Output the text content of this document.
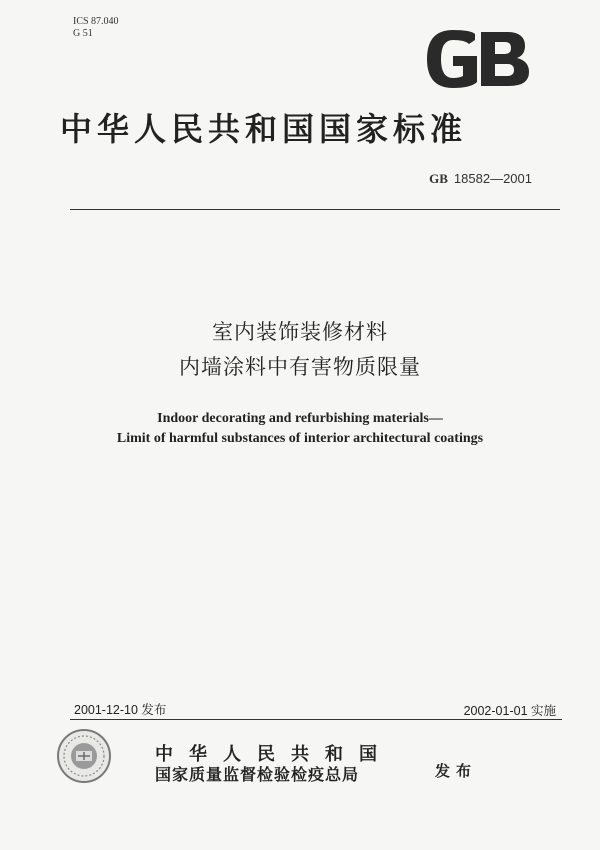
ICS 87.040
G 51
中华人民共和国国家标准
GB 18582—2001
室内装饰装修材料
内墙涂料中有害物质限量
Indoor decorating and refurbishing materials—
Limit of harmful substances of interior architectural coatings
2001-12-10 发布	2002-01-01 实施
中华人民共和国
国家质量监督检验检疫总局	发布
